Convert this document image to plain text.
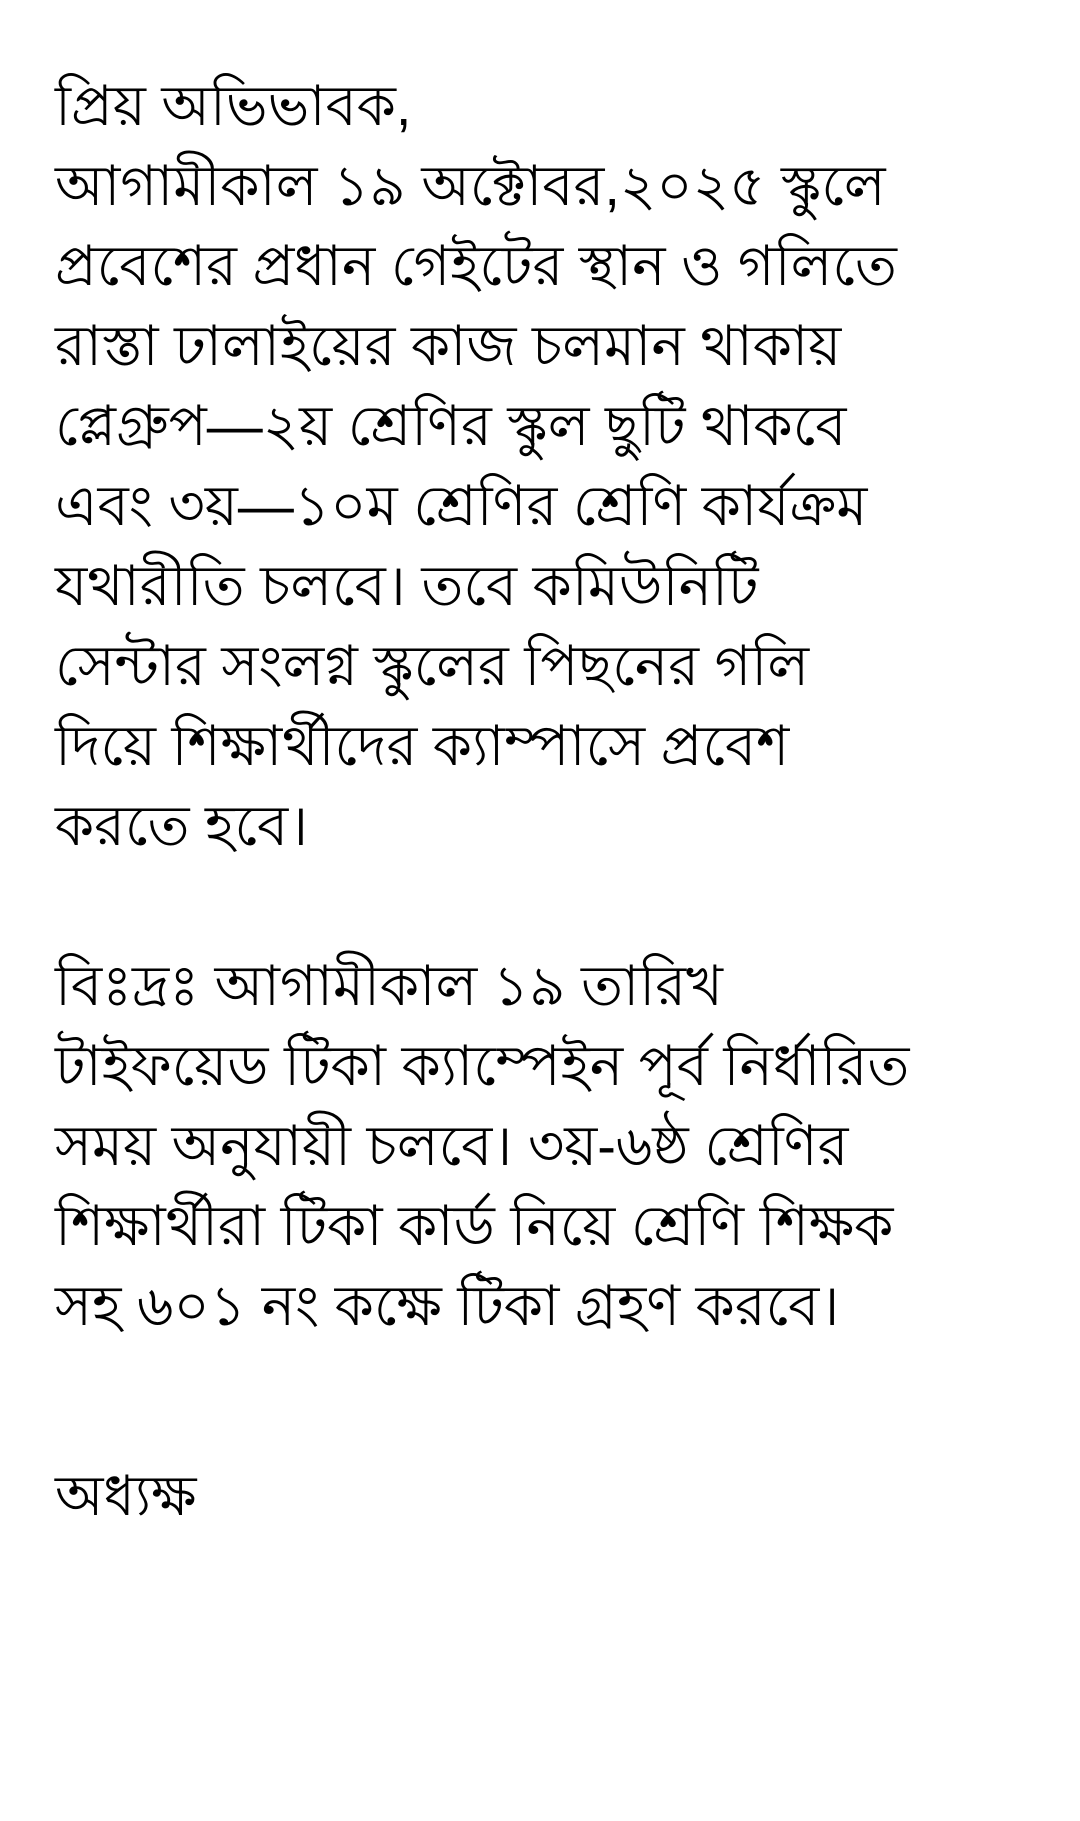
প্রিয় অভিভাবক,
আগামীকাল ১৯ অক্টোবর,২০২৫ স্কুলে
প্রবেশের প্রধান গেইটের স্থান ও গলিতে
রাস্তা ঢালাইয়ের কাজ চলমান থাকায়
প্লেগ্রুপ—২য় শ্রেণির স্কুল ছুটি থাকবে
এবং ৩য়—১০ম শ্রেণির শ্রেণি কার্যক্রম
যথারীতি চলবে। তবে কমিউনিটি
সেন্টার সংলগ্ন স্কুলের পিছনের গলি
দিয়ে শিক্ষার্থীদের ক্যাম্পাসে প্রবেশ
করতে হবে।
বিঃদ্রঃ আগামীকাল ১৯ তারিখ
টাইফয়েড টিকা ক্যাম্পেইন পূর্ব নির্ধারিত
সময় অনুযায়ী চলবে। ৩য়-৬ষ্ঠ শ্রেণির
শিক্ষার্থীরা টিকা কার্ড নিয়ে শ্রেণি শিক্ষক
সহ ৬০১ নং কক্ষে টিকা গ্রহণ করবে।
অধ্যক্ষ
